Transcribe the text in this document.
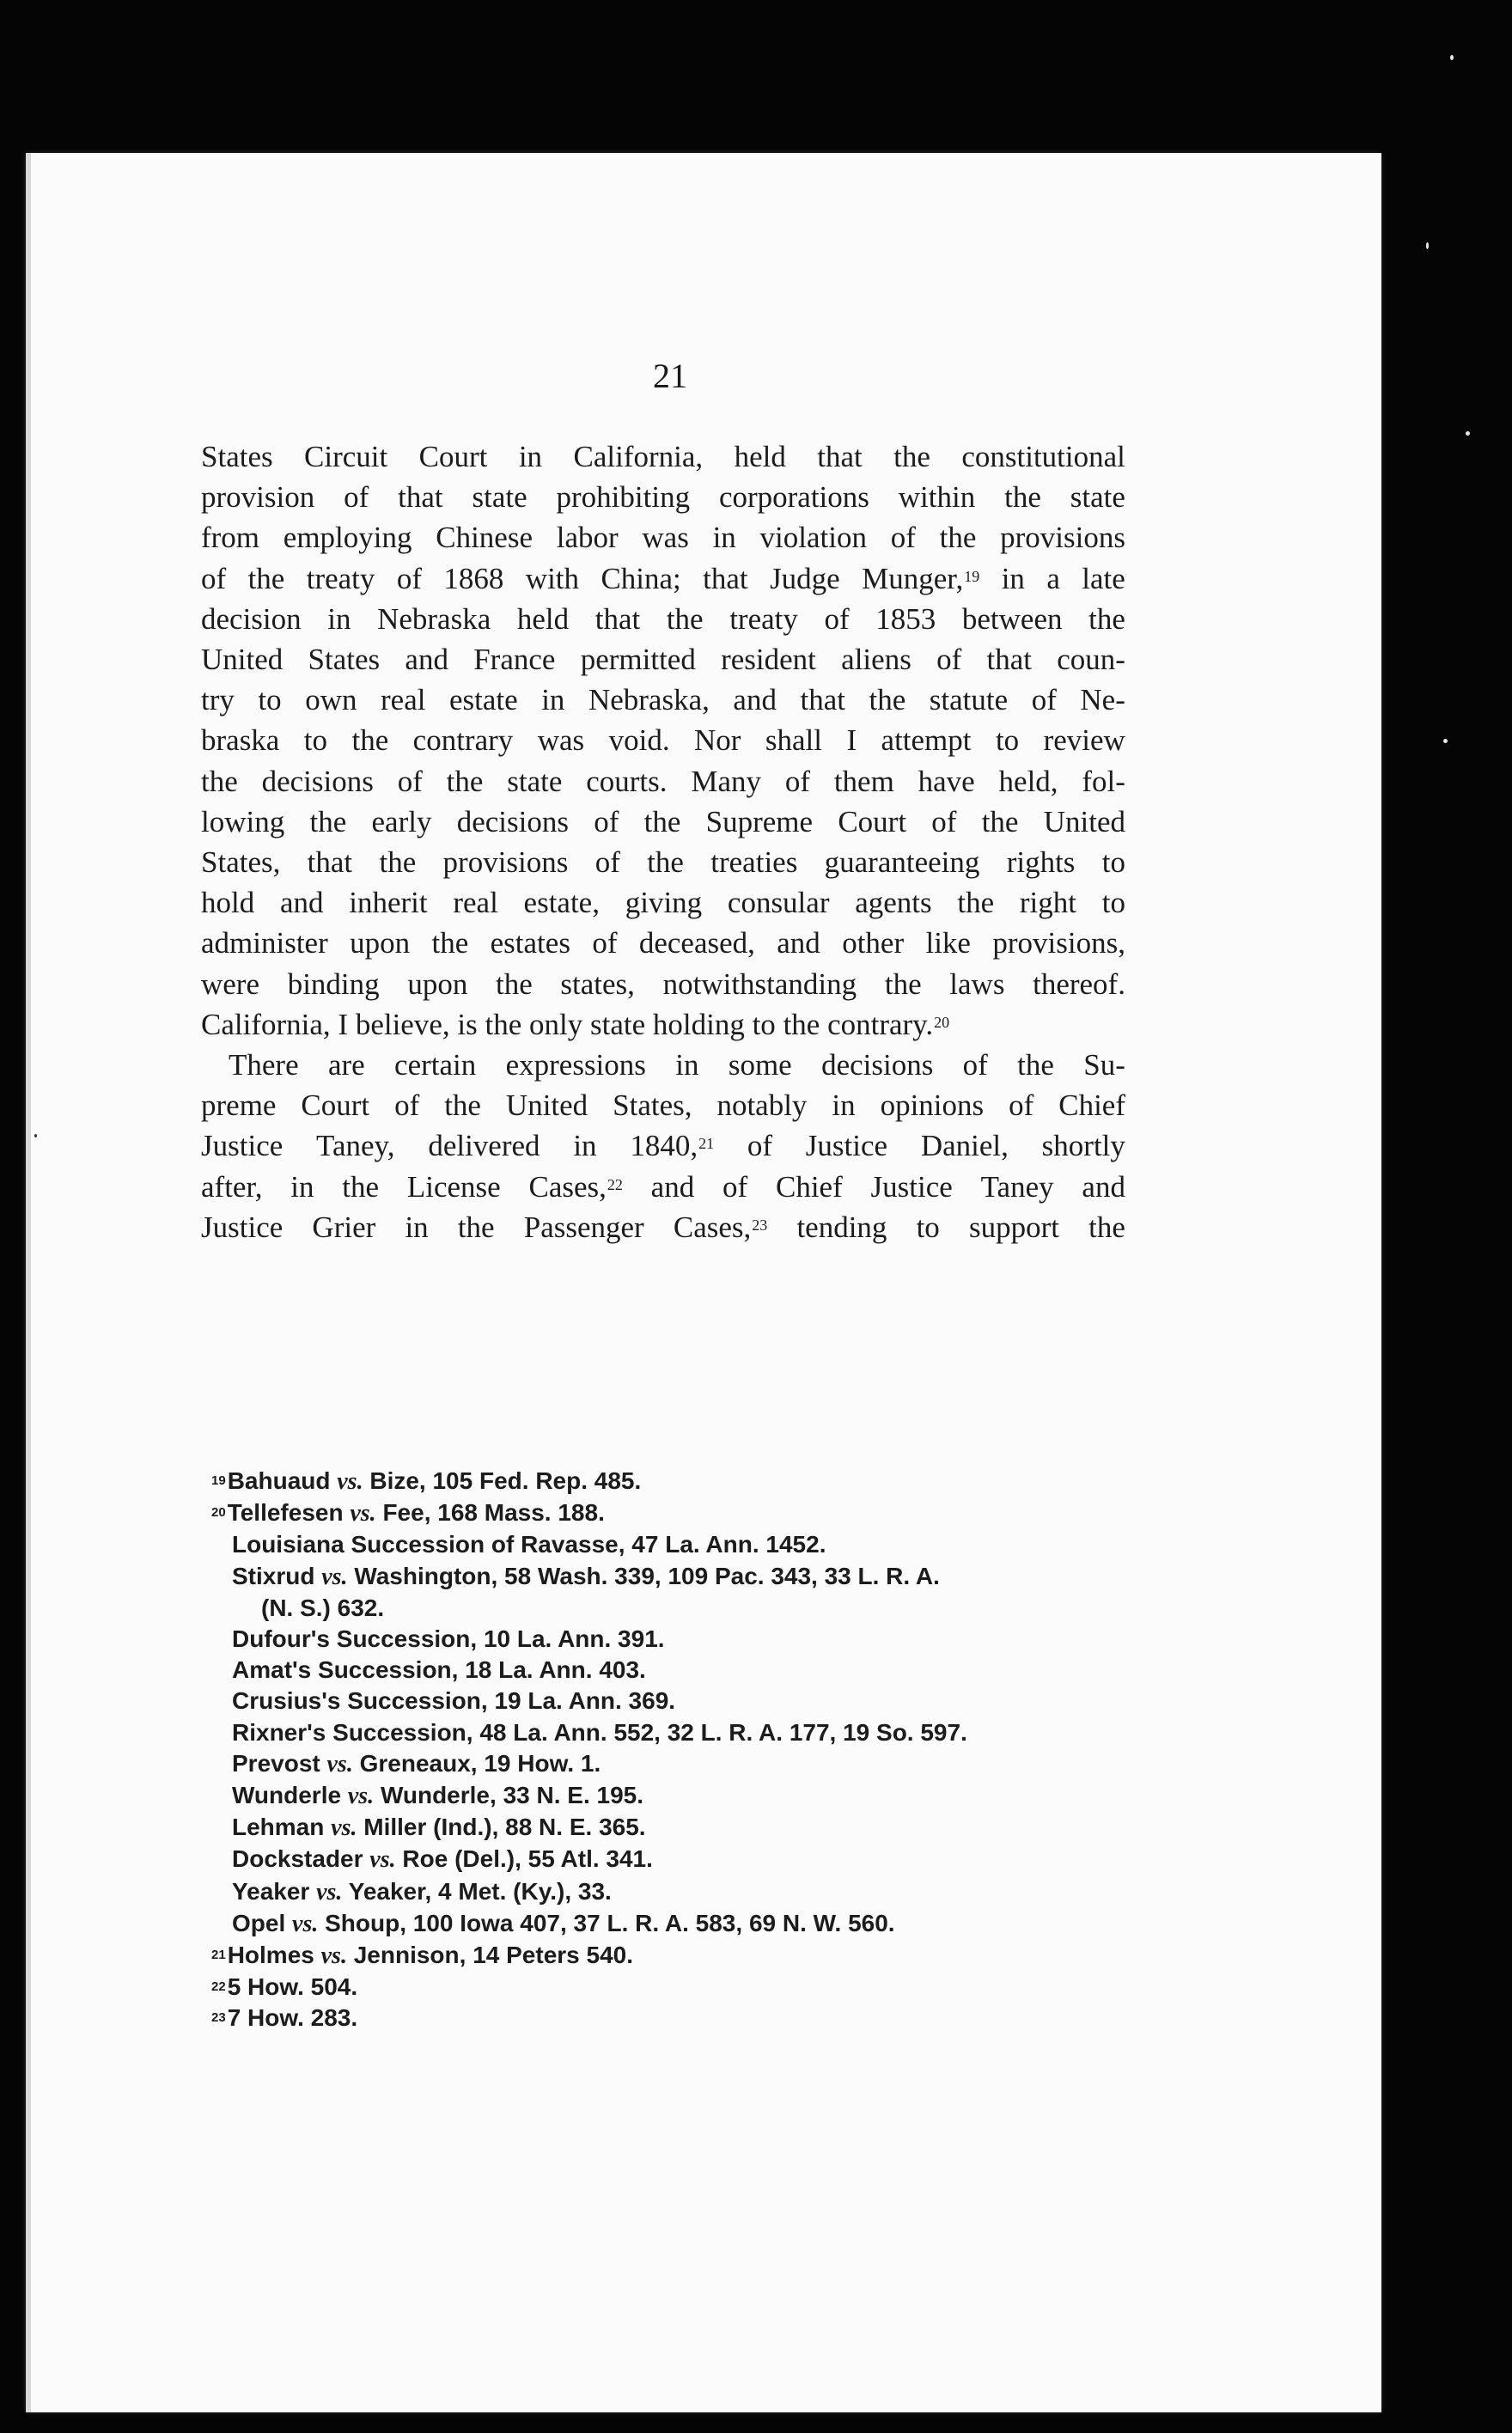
21
States Circuit Court in California, held that the constitutional
provision of that state prohibiting corporations within the state
from employing Chinese labor was in violation of the provisions
of the treaty of 1868 with China; that Judge Munger,$^{19}$ in a late
decision in Nebraska held that the treaty of 1853 between the
United States and France permitted resident aliens of that coun-
try to own real estate in Nebraska, and that the statute of Ne-
braska to the contrary was void. Nor shall I attempt to review
the decisions of the state courts. Many of them have held, fol-
lowing the early decisions of the Supreme Court of the United
States, that the provisions of the treaties guaranteeing rights to
hold and inherit real estate, giving consular agents the right to
administer upon the estates of deceased, and other like provisions,
were binding upon the states, notwithstanding the laws thereof.
California,
I
believe,
is
the
only
state
holding
to
the
contrary.$^{20}$
There are certain expressions in some decisions of the Su-
preme Court of the United States, notably in opinions of Chief
Justice Taney, delivered in 1840,21 of Justice Daniel, shortly
after, in the License Cases,$^{22}$ and of Chief Justice Taney and
Justice Grier in the Passenger Cases,$^{23}$ tending to support the
$^{19}$Bahuaud vs. Bize, 105 Fed. Rep. 485.
$^{20}$Tellefesen vs. Fee, 168 Mass. 188.
Louisiana Succession of Ravasse, 47 La. Ann. 1452.
Stixrud vs. Washington, 58 Wash. 339, 109 Pac. 343, 33 L. R. A.
(N. S.) 632.
Dufour's Succession, 10 La. Ann. 391.
Amat's Succession, 18 La. Ann. 403.
Crusius's Succession, 19 La. Ann. 369.
Rixner's Succession, 48 La. Ann. 552, 32 L. R. A. 177, 19 So. 597.
Prevost vs. Greneaux, 19 How. 1.
Wunderle vs. Wunderle, 33 N. E. 195.
Lehman vs. Miller (Ind.), 88 N. E. 365.
Dockstader vs. Roe (Del.), 55 Atl. 341.
Yeaker vs. Yeaker, 4 Met. (Ky.), 33.
Opel vs. Shoup, 100 Iowa 407, 37 L. R. A. 583, 69 N. W. 560.
$^{21}$Holmes vs. Jennison, 14 Peters 540.
$^{22}$5 How. 504.
$^{23}$7 How. 283.
